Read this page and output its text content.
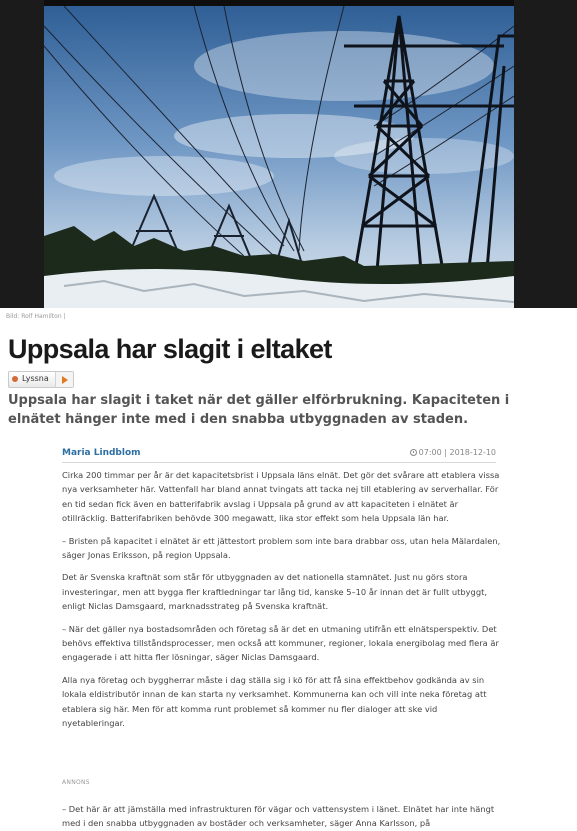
Bild: Rolf Hamilton |
Uppsala har slagit i eltaket
Lyssna

Uppsala har slagit i taket när det gäller elförbrukning. Kapaciteten i elnätet hänger inte med i den snabba utbyggnaden av staden.

Maria Lindblom	07:00 | 2018-12-10

Cirka 200 timmar per år är det kapacitetsbrist i Uppsala läns elnät. Det gör det svårare att etablera vissa nya verksamheter här. Vattenfall har bland annat tvingats att tacka nej till etablering av serverhallar. För en tid sedan fick även en batterifabrik avslag i Uppsala på grund av att kapaciteten i elnätet är otillräcklig. Batterifabriken behövde 300 megawatt, lika stor effekt som hela Uppsala län har.

– Bristen på kapacitet i elnätet är ett jättestort problem som inte bara drabbar oss, utan hela Mälardalen, säger Jonas Eriksson, på region Uppsala.

Det är Svenska kraftnät som står för utbyggnaden av det nationella stamnätet. Just nu görs stora investeringar, men att bygga fler kraftledningar tar lång tid, kanske 5–10 år innan det är fullt utbyggt, enligt Niclas Damsgaard, marknadsstrateg på Svenska kraftnät.

– När det gäller nya bostadsområden och företag så är det en utmaning utifrån ett elnätsperspektiv. Det behövs effektiva tillståndsprocesser, men också att kommuner, regioner, lokala energibolag med flera är engagerade i att hitta fler lösningar, säger Niclas Damsgaard.

Alla nya företag och byggherrar måste i dag ställa sig i kö för att få sina effektbehov godkända av sin lokala eldistributör innan de kan starta ny verksamhet. Kommunerna kan och vill inte neka företag att etablera sig här. Men för att komma runt problemet så kommer nu fler dialoger att ske vid nyetableringar.

ANNONS

– Det här är att jämställa med infrastrukturen för vägar och vattensystem i länet. Elnätet har inte hängt med i den snabba utbyggnaden av bostäder och verksamheter, säger Anna Karlsson, på
